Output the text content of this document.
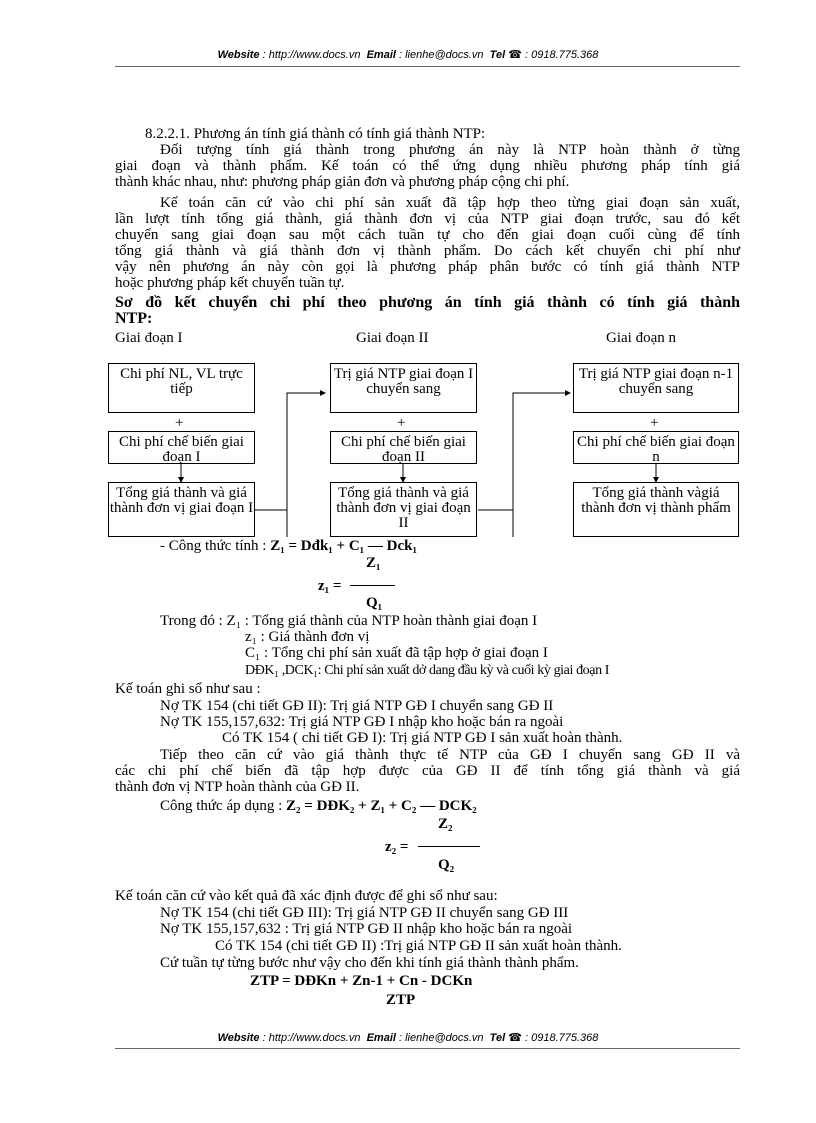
Website : http://www.docs.vn Email : lienhe@docs.vn Tel ☎ : 0918.775.368
8.2.2.1. Phương án tính giá thành có tính giá thành NTP:
Đối tượng tính giá thành trong phương án này là NTP hoàn thành ở từng
giai đoạn và thành phẩm. Kế toán có thể ứng dụng nhiều phương pháp tính giá
thành khác nhau, như: phương pháp giản đơn và phương pháp cộng chi phí.
Kế toán căn cứ vào chi phí sản xuất đã tập hợp theo từng giai đoạn sản xuất,
lần lượt tính tổng giá thành, giá thành đơn vị của NTP giai đoạn trước, sau đó kết
chuyển sang giai đoạn sau một cách tuần tự cho đến giai đoạn cuối cùng để tính
tổng giá thành và giá thành đơn vị thành phẩm. Do cách kết chuyển chi phí như
vậy nên phương án này còn gọi là phương pháp phân bước có tính giá thành NTP
hoặc phương pháp kết chuyển tuần tự.
Sơ đồ kết chuyển chi phí theo phương án tính giá thành có tính giá thành
NTP:
Giai đoạn I	Giai đoạn II	Giai đoạn n
Chi phí NL, VL trực tiếp
+
Chi phí chế biến giai đoạn I
Tổng giá thành và giá thành đơn vị giai đoạn I
Trị giá NTP giai đoạn I chuyển sang
+
Chi phí chế biến giai đoạn II
Tổng giá thành và giá thành đơn vị giai đoạn II
Trị giá NTP giai đoạn n-1 chuyển sang
+
Chi phí chế biến giai đoạn n
Tổng giá thành vàgiá thành đơn vị thành phẩm
- Công thức tính : Z₁ = Dđk₁ + C₁ — Dck₁
Z₁
z₁ =
Q₁
Trong đó : Z₁ : Tổng giá thành của NTP hoàn thành giai đoạn I
z₁ : Giá thành đơn vị
C₁ : Tổng chi phí sản xuất đã tập hợp ở giai đoạn I
DĐK₁ ,DCK₁: Chi phí sản xuất dở dang đầu kỳ và cuối kỳ giai đoạn I
Kế toán ghi sổ như sau :
Nợ TK 154 (chi tiết GĐ II): Trị giá NTP GĐ I chuyển sang GĐ II
Nợ TK 155,157,632: Trị giá NTP GĐ I nhập kho hoặc bán ra ngoài
Có TK 154 ( chi tiết GĐ I): Trị giá NTP GĐ I sản xuất hoàn thành.
Tiếp theo căn cứ vào giá thành thực tế NTP của GĐ I chuyển sang GĐ II và
các chi phí chế biến đã tập hợp được của GĐ II để tính tổng giá thành và giá
thành đơn vị NTP hoàn thành của GĐ II.
Công thức áp dụng : Z₂ = DĐK₂ + Z₁ + C₂ — DCK₂
Z₂
z₂ =
Q₂
Kế toán căn cứ vào kết quả đã xác định được để ghi sổ như sau:
Nợ TK 154 (chi tiết GĐ III): Trị giá NTP GĐ II chuyển sang GĐ III
Nợ TK 155,157,632 : Trị giá NTP GĐ II nhập kho hoặc bán ra ngoài
Có TK 154 (chi tiết GĐ II) :Trị giá NTP GĐ II sản xuất hoàn thành.
Cứ tuần tự từng bước như vậy cho đến khi tính giá thành thành phẩm.
ZTP = DĐKn + Zn-1 + Cn - DCKn
ZTP
Website : http://www.docs.vn Email : lienhe@docs.vn Tel ☎ : 0918.775.368
